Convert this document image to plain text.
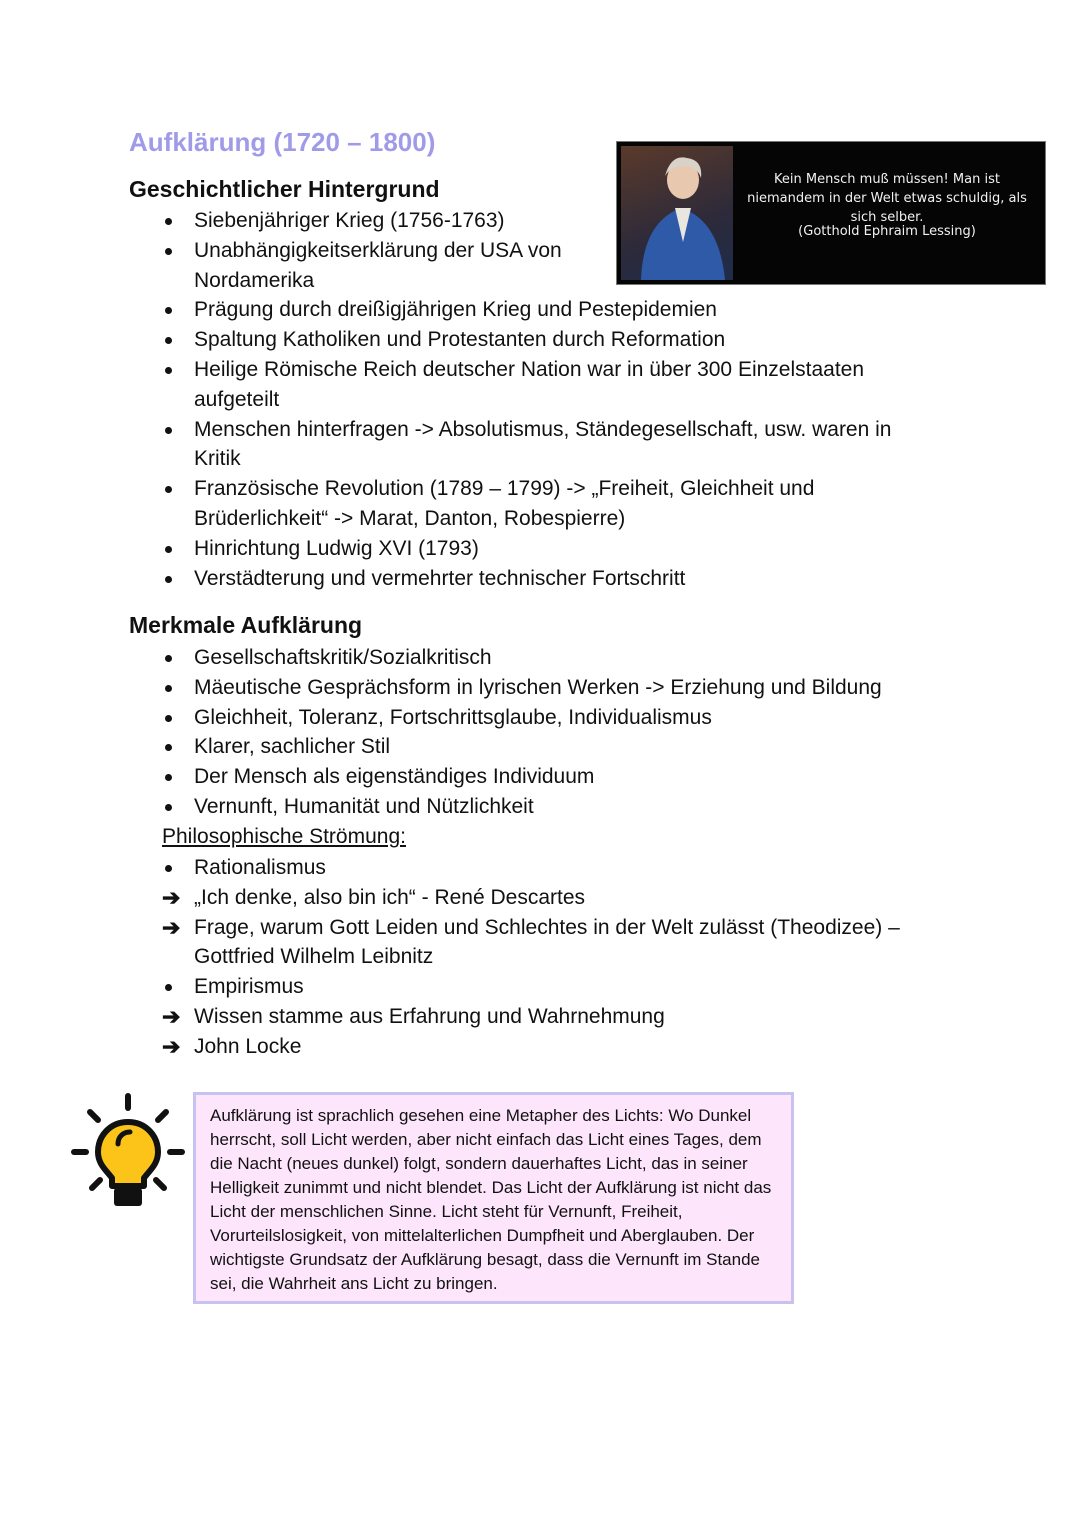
Aufklärung (1720 – 1800)
Kein Mensch muß müssen! Man ist niemandem in der Welt etwas schuldig, als sich selber.
(Gotthold Ephraim Lessing)
Geschichtlicher Hintergrund
Siebenjähriger Krieg (1756-1763)
Unabhängigkeitserklärung der USA von
Nordamerika
Prägung durch dreißigjährigen Krieg und Pestepidemien
Spaltung Katholiken und Protestanten durch Reformation
Heilige Römische Reich deutscher Nation war in über 300 Einzelstaaten
aufgeteilt
Menschen hinterfragen -> Absolutismus, Ständegesellschaft, usw. waren in
Kritik
Französische Revolution (1789 – 1799) -> „Freiheit, Gleichheit und
Brüderlichkeit“ -> Marat, Danton, Robespierre)
Hinrichtung Ludwig XVI (1793)
Verstädterung und vermehrter technischer Fortschritt
Merkmale Aufklärung
Gesellschaftskritik/Sozialkritisch
Mäeutische Gesprächsform in lyrischen Werken -> Erziehung und Bildung
Gleichheit, Toleranz, Fortschrittsglaube, Individualismus
Klarer, sachlicher Stil
Der Mensch als eigenständiges Individuum
Vernunft, Humanität und Nützlichkeit

Philosophische Strömung:

Rationalismus
➔ „Ich denke, also bin ich“ - René Descartes
➔ Frage, warum Gott Leiden und Schlechtes in der Welt zulässt (Theodizee) –
Gottfried Wilhelm Leibnitz
Empirismus
➔ Wissen stamme aus Erfahrung und Wahrnehmung
➔ John Locke
Aufklärung ist sprachlich gesehen eine Metapher des Lichts: Wo Dunkel herrscht, soll Licht werden, aber nicht einfach das Licht eines Tages, dem die Nacht (neues dunkel) folgt, sondern dauerhaftes Licht, das in seiner Helligkeit zunimmt und nicht blendet. Das Licht der Aufklärung ist nicht das Licht der menschlichen Sinne. Licht steht für Vernunft, Freiheit, Vorurteilslosigkeit, von mittelalterlichen Dumpfheit und Aberglauben. Der wichtigste Grundsatz der Aufklärung besagt, dass die Vernunft im Stande sei, die Wahrheit ans Licht zu bringen.
